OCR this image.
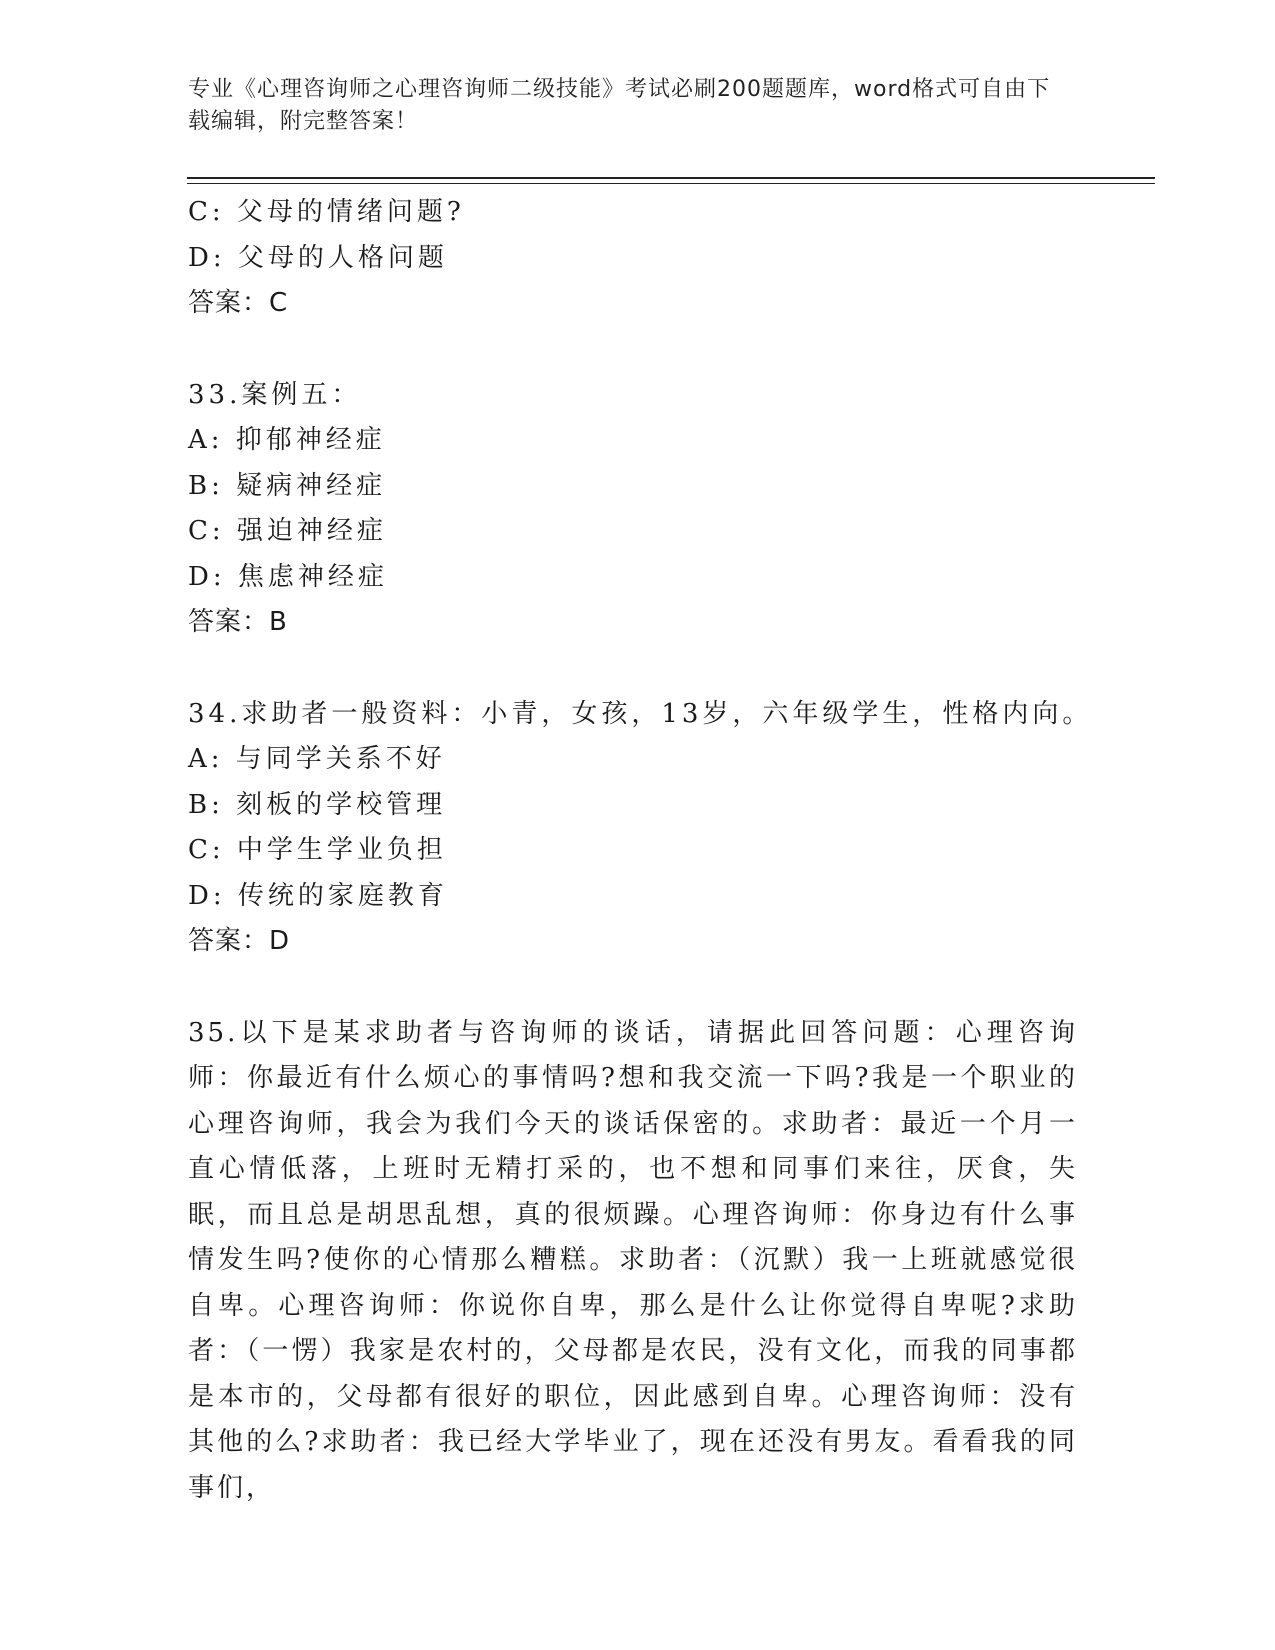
专业《心理咨询师之心理咨询师二级技能》考试必刷200题题库，word格式可自由下载编辑，附完整答案！
C: 父母的情绪问题?
D: 父母的人格问题
答案：C
33.案例五：
A: 抑郁神经症
B: 疑病神经症
C: 强迫神经症
D: 焦虑神经症
答案：B
34.求助者一般资料：小青，女孩，13岁，六年级学生，性格内向。
A: 与同学关系不好
B: 刻板的学校管理
C: 中学生学业负担
D: 传统的家庭教育
答案：D
35.以下是某求助者与咨询师的谈话，请据此回答问题：心理咨询师：你最近有什么烦心的事情吗?想和我交流一下吗?我是一个职业的心理咨询师，我会为我们今天的谈话保密的。求助者：最近一个月一直心情低落，上班时无精打采的，也不想和同事们来往，厌食，失眠，而且总是胡思乱想，真的很烦躁。心理咨询师：你身边有什么事情发生吗?使你的心情那么糟糕。求助者：（沉默）我一上班就感觉很自卑。心理咨询师：你说你自卑，那么是什么让你觉得自卑呢?求助者：（一愣）我家是农村的，父母都是农民，没有文化，而我的同事都是本市的，父母都有很好的职位，因此感到自卑。心理咨询师：没有其他的么?求助者：我已经大学毕业了，现在还没有男友。看看我的同事们，
